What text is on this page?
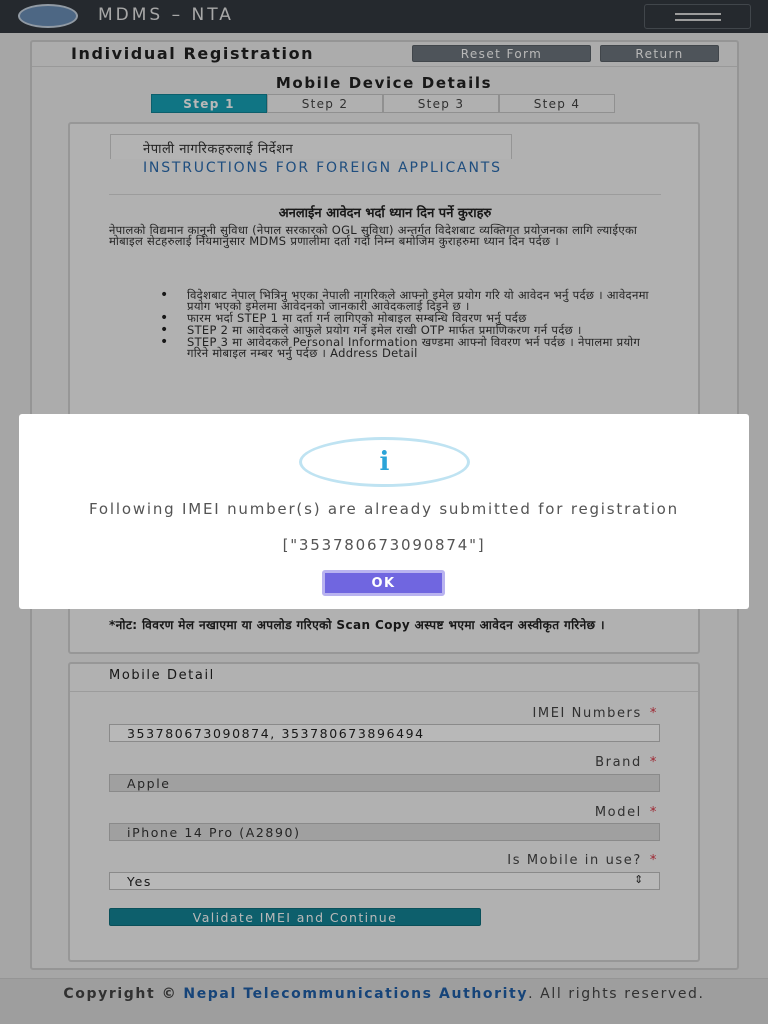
MDMS – NTA
Individual Registration	Reset Form	Return
Mobile Device Details
Step 1	Step 2	Step 3	Step 4
नेपाली नागरिकहरुलाई निर्देशन
INSTRUCTIONS FOR FOREIGN APPLICANTS
अनलाईन आवेदन भर्दा ध्यान दिन पर्ने कुराहरु
नेपालको विद्यमान कानूनी सुविधा (नेपाल सरकारको OGL सुविधा) अन्तर्गत विदेशबाट व्यक्तिगत प्रयोजनका लागि ल्याईएका मोबाइल सेटहरुलाई नियमानुसार MDMS प्रणालीमा दर्ता गर्दा निम्न बमोजिम कुराहरुमा ध्यान दिन पर्दछ ।
• विदेशबाट नेपाल भित्रिनु भएका नेपाली नागरिकले आफ्नो इमेल प्रयोग गरि यो आवेदन भर्नु पर्दछ । आवेदनमा प्रयोग भएको इमेलमा आवेदनको जानकारी आवेदकलाई दिइने छ ।
• फारम भर्दा STEP 1 मा दर्ता गर्न लागिएको मोबाइल सम्बन्धि विवरण भर्नु पर्दछ
• STEP 2 मा आवेदकले आफुले प्रयोग गर्ने इमेल राखी OTP मार्फत प्रमाणिकरण गर्न पर्दछ ।
• STEP 3 मा आवेदकले Personal Information खण्डमा आफ्नो विवरण भर्न पर्दछ । नेपालमा प्रयोग गरिने मोबाइल नम्बर भर्नु पर्दछ । Address Detail
*नोट: विवरण मेल नखाएमा या अपलोड गरिएको Scan Copy अस्पष्ट भएमा आवेदन अस्वीकृत गरिनेछ ।
Mobile Detail
IMEI Numbers *
353780673090874, 353780673896494
Brand *
Apple
Model *
iPhone 14 Pro (A2890)
Is Mobile in use? *
Yes	⇕
Validate IMEI and Continue
Copyright © Nepal Telecommunications Authority. All rights reserved.
i
Following IMEI number(s) are already submitted for registration
["353780673090874"]
OK
